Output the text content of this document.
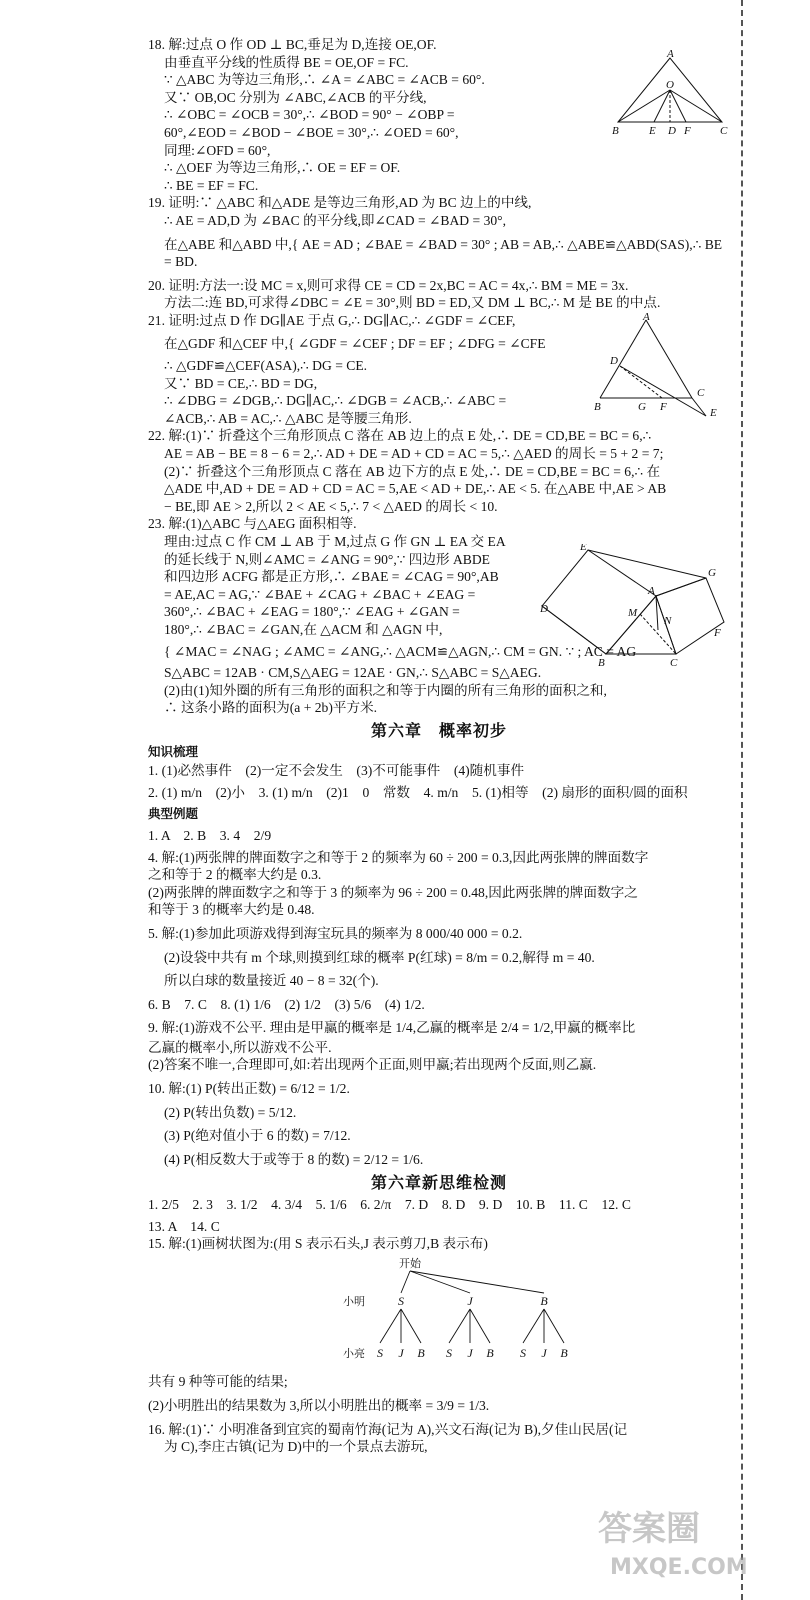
18. 解:过点 O 作 OD ⊥ BC,垂足为 D,连接 OE,OF.

由垂直平分线的性质得 BE = OE,OF = FC.

∵ △ABC 为等边三角形,∴ ∠A = ∠ABC = ∠ACB = 60°.

又∵ OB,OC 分别为 ∠ABC,∠ACB 的平分线,

∴ ∠OBC = ∠OCB = 30°,∴ ∠BOD = 90° − ∠OBP =

60°,∠EOD = ∠BOD − ∠BOE = 30°,∴ ∠OED = 60°,

同理:∠OFD = 60°,

∴ △OEF 为等边三角形,∴ OE = EF = OF.

∴ BE = EF = FC.

19. 证明:∵ △ABC 和△ADE 是等边三角形,AD 为 BC 边上的中线,

∴ AE = AD,D 为 ∠BAC 的平分线,即∠CAD = ∠BAD = 30°,

在△ABE 和△ABD 中,{ AE = AD ; ∠BAE = ∠BAD = 30° ; AB = AB,∴ △ABE≌△ABD(SAS),∴ BE = BD.

20. 证明:方法一:设 MC = x,则可求得 CE = CD = 2x,BC = AC = 4x,∴ BM = ME = 3x.

方法二:连 BD,可求得∠DBC = ∠E = 30°,则 BD = ED,又 DM ⊥ BC,∴ M 是 BE 的中点.

21. 证明:过点 D 作 DG∥AE 于点 G,∴ DG∥AC,∴ ∠GDF = ∠CEF,

在△GDF 和△CEF 中,{ ∠GDF = ∠CEF ; DF = EF ; ∠DFG = ∠CFE

∴ △GDF≌△CEF(ASA),∴ DG = CE.

又∵ BD = CE,∴ BD = DG,

∴ ∠DBG = ∠DGB,∴ DG∥AC,∴ ∠DGB = ∠ACB,∴ ∠ABC =

∠ACB,∴ AB = AC,∴ △ABC 是等腰三角形.

22. 解:(1)∵ 折叠这个三角形顶点 C 落在 AB 边上的点 E 处,∴ DE = CD,BE = BC = 6,∴

AE = AB − BE = 8 − 6 = 2,∴ AD + DE = AD + CD = AC = 5,∴ △AED 的周长 = 5 + 2 = 7;

(2)∵ 折叠这个三角形顶点 C 落在 AB 边下方的点 E 处,∴ DE = CD,BE = BC = 6,∴ 在

△ADE 中,AD + DE = AD + CD = AC = 5,AE < AD + DE,∴ AE < 5. 在△ABE 中,AE > AB

− BE,即 AE > 2,所以 2 < AE < 5,∴ 7 < △AED 的周长 < 10.

23. 解:(1)△ABC 与△AEG 面积相等.

理由:过点 C 作 CM ⊥ AB 于 M,过点 G 作 GN ⊥ EA 交 EA

的延长线于 N,则∠AMC = ∠ANG = 90°,∵ 四边形 ABDE

和四边形 ACFG 都是正方形,∴ ∠BAE = ∠CAG = 90°,AB

= AE,AC = AG,∵ ∠BAE + ∠CAG + ∠BAC + ∠EAG =

360°,∴ ∠BAC + ∠EAG = 180°,∵ ∠EAG + ∠GAN =

180°,∴ ∠BAC = ∠GAN,在 △ACM 和 △AGN 中,

{ ∠MAC = ∠NAG ; ∠AMC = ∠ANG,∴ △ACM≌△AGN,∴ CM = GN. ∵ ; AC = AG

S△ABC = 12AB · CM,S△AEG = 12AE · GN,∴ S△ABC = S△AEG.

(2)由(1)知外圈的所有三角形的面积之和等于内圈的所有三角形的面积之和,

∴ 这条小路的面积为(a + 2b)平方米.

第六章　概率初步
知识梳理

1. (1)必然事件　(2)一定不会发生　(3)不可能事件　(4)随机事件

2. (1) m/n　(2)小　3. (1) m/n　(2)1　0　常数　4. m/n　5. (1)相等　(2) 扇形的面积/圆的面积

典型例题

1. A　2. B　3. 4　2/9

4. 解:(1)两张牌的牌面数字之和等于 2 的频率为 60 ÷ 200 = 0.3,因此两张牌的牌面数字

之和等于 2 的概率大约是 0.3.

(2)两张牌的牌面数字之和等于 3 的频率为 96 ÷ 200 = 0.48,因此两张牌的牌面数字之

和等于 3 的概率大约是 0.48.

5. 解:(1)参加此项游戏得到海宝玩具的频率为 8 000/40 000 = 0.2.

(2)设袋中共有 m 个球,则摸到红球的概率 P(红球) = 8/m = 0.2,解得 m = 40.

所以白球的数量接近 40 − 8 = 32(个).

6. B　7. C　8. (1) 1/6　(2) 1/2　(3) 5/6　(4) 1/2.

9. 解:(1)游戏不公平. 理由是甲赢的概率是 1/4,乙赢的概率是 2/4 = 1/2,甲赢的概率比

乙赢的概率小,所以游戏不公平.

(2)答案不唯一,合理即可,如:若出现两个正面,则甲赢;若出现两个反面,则乙赢.

10. 解:(1) P(转出正数) = 6/12 = 1/2.

(2) P(转出负数) = 5/12.

(3) P(绝对值小于 6 的数) = 7/12.

(4) P(相反数大于或等于 8 的数) = 2/12 = 1/6.

第六章新思维检测

1. 2/5　2. 3　3. 1/2　4. 3/4　5. 1/6　6. 2/π　7. D　8. D　9. D　10. B　11. C　12. C

13. A　14. C

15. 解:(1)画树状图为:(用 S 表示石头,J 表示剪刀,B 表示布)

开始
小明
小亮
S	J	B
S J B S J B S J B

共有 9 种等可能的结果;

(2)小明胜出的结果数为 3,所以小明胜出的概率 = 3/9 = 1/3.

16. 解:(1)∵ 小明准备到宜宾的蜀南竹海(记为 A),兴文石海(记为 B),夕佳山民居(记

为 C),李庄古镇(记为 D)中的一个景点去游玩,

A
O
B	E D F	C
A
D
C
B	G F	E
A
B	C
D
E
F
G
M
N
答案圈
MXQE.COM
